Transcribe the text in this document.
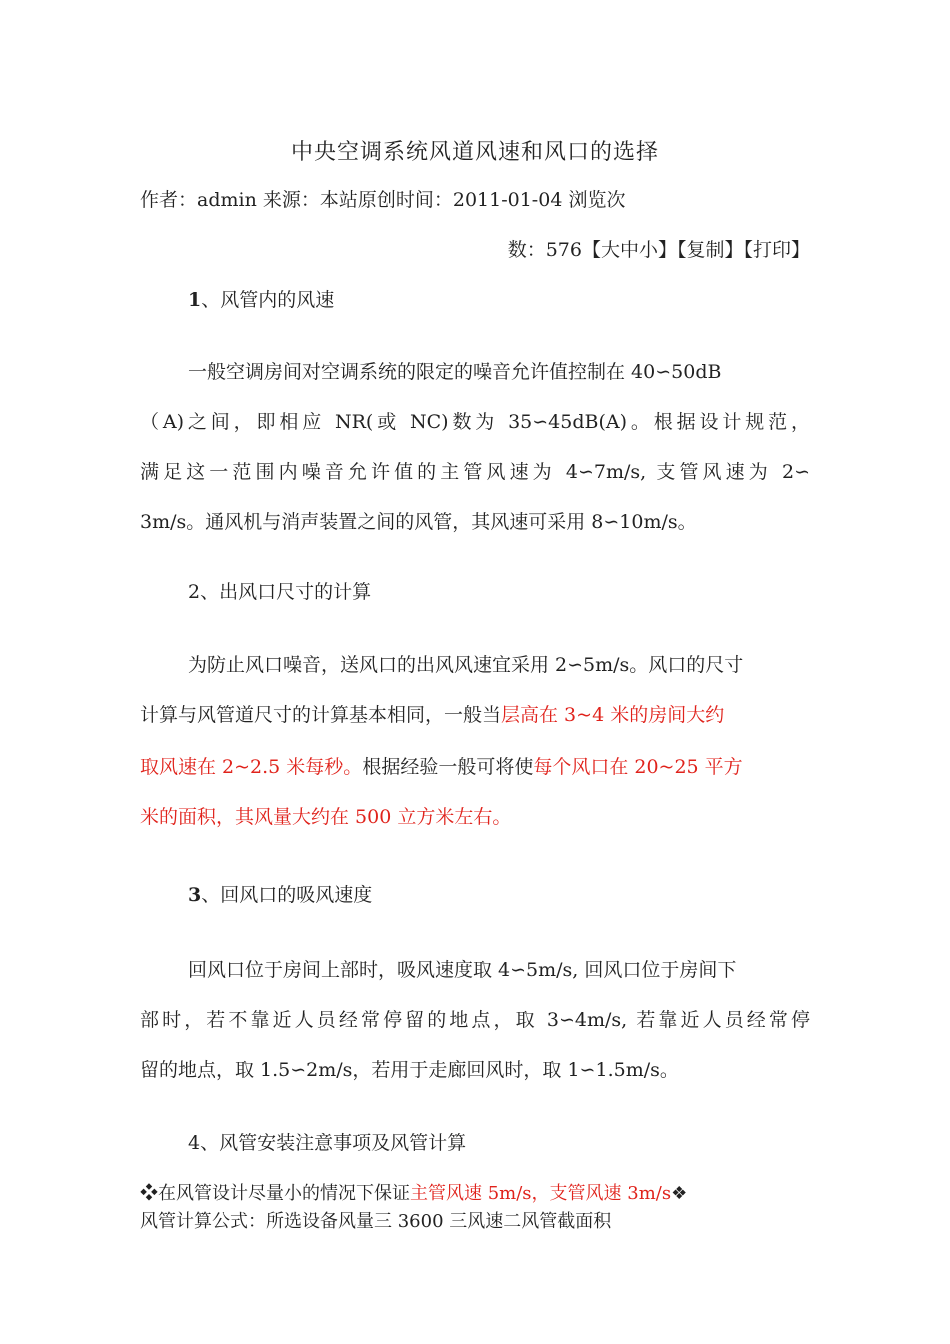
中央空调系统风道风速和风口的选择
作者：admin 来源：本站原创时间：2011-01-04 浏览次
数：576【大中小】【复制】【打印】
1、风管内的风速
一般空调房间对空调系统的限定的噪音允许值控制在 40∽50dB
（A)之间，即相应 NR(或 NC)数为 35∽45dB(A)。根据设计规范，
满足这一范围内噪音允许值的主管风速为 4∽7m/s, 支管风速为 2∽
3m/s。通风机与消声装置之间的风管，其风速可采用 8∽10m/s。
2、出风口尺寸的计算
为防止风口噪音，送风口的出风风速宜采用 2∽5m/s。风口的尺寸
计算与风管道尺寸的计算基本相同，一般当层高在 3~4 米的房间大约
取风速在 2~2.5 米每秒。根据经验一般可将使每个风口在 20~25 平方
米的面积，其风量大约在 500 立方米左右。
3、回风口的吸风速度
回风口位于房间上部时，吸风速度取 4∽5m/s, 回风口位于房间下
部时，若不靠近人员经常停留的地点，取 3∽4m/s, 若靠近人员经常停
留的地点，取 1.5∽2m/s，若用于走廊回风时，取 1∽1.5m/s。
4、风管安装注意事项及风管计算
❖在风管设计尽量小的情况下保证主管风速 5m/s，支管风速 3m/s❖
风管计算公式：所选设备风量三 3600 三风速二风管截面积
